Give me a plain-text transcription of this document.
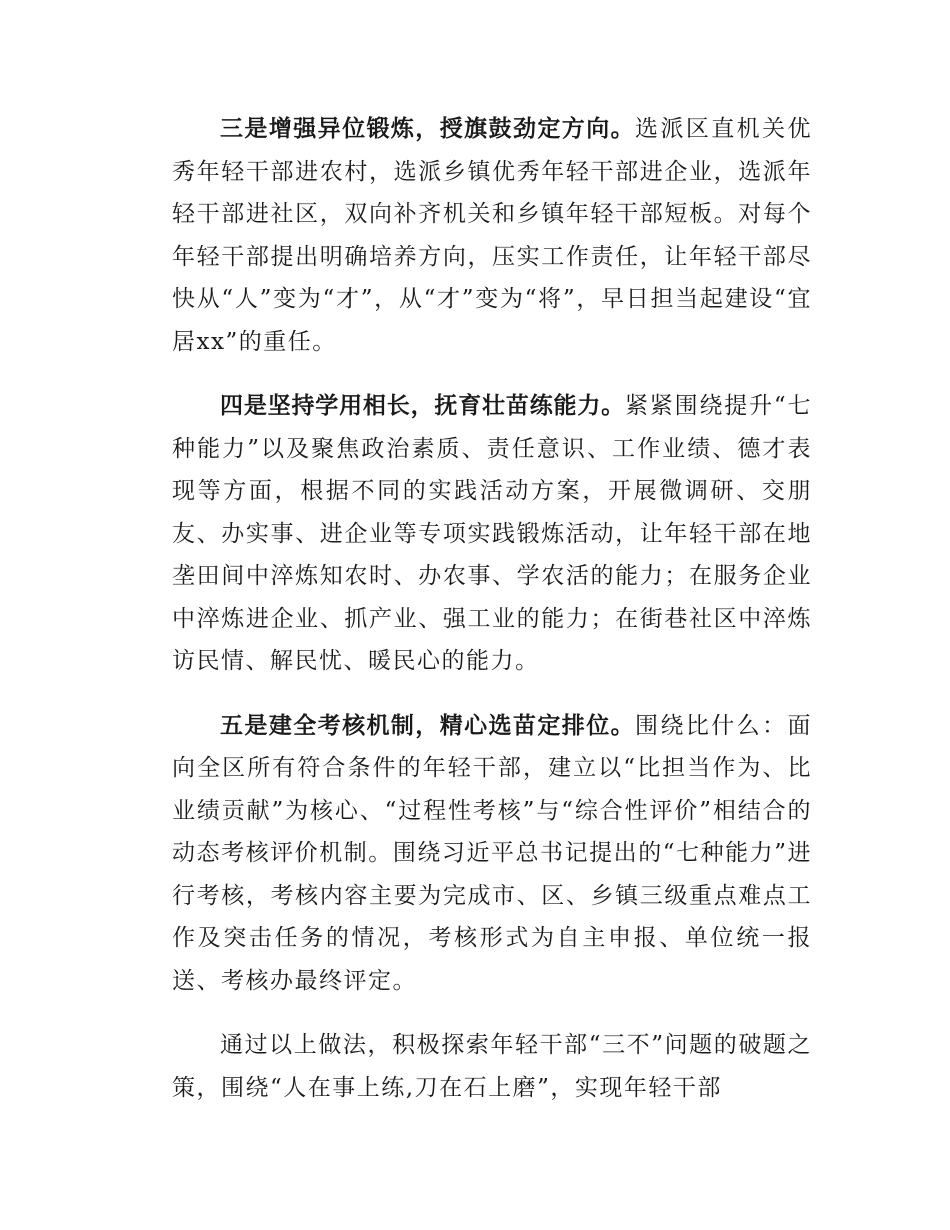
三是增强异位锻炼，授旗鼓劲定方向。选派区直机关优秀年轻干部进农村，选派乡镇优秀年轻干部进企业，选派年轻干部进社区，双向补齐机关和乡镇年轻干部短板。对每个年轻干部提出明确培养方向，压实工作责任，让年轻干部尽快从“人”变为“才”，从“才”变为“将”，早日担当起建设“宜居xx”的重任。

四是坚持学用相长，抚育壮苗练能力。紧紧围绕提升“七种能力”以及聚焦政治素质、责任意识、工作业绩、德才表现等方面，根据不同的实践活动方案，开展微调研、交朋友、办实事、进企业等专项实践锻炼活动，让年轻干部在地垄田间中淬炼知农时、办农事、学农活的能力；在服务企业中淬炼进企业、抓产业、强工业的能力；在街巷社区中淬炼访民情、解民忧、暖民心的能力。

五是建全考核机制，精心选苗定排位。围绕比什么：面向全区所有符合条件的年轻干部，建立以“比担当作为、比业绩贡献”为核心、“过程性考核”与“综合性评价”相结合的动态考核评价机制。围绕习近平总书记提出的“七种能力”进行考核，考核内容主要为完成市、区、乡镇三级重点难点工作及突击任务的情况，考核形式为自主申报、单位统一报送、考核办最终评定。

通过以上做法，积极探索年轻干部“三不”问题的破题之策，围绕“人在事上练,刀在石上磨”，实现年轻干部
